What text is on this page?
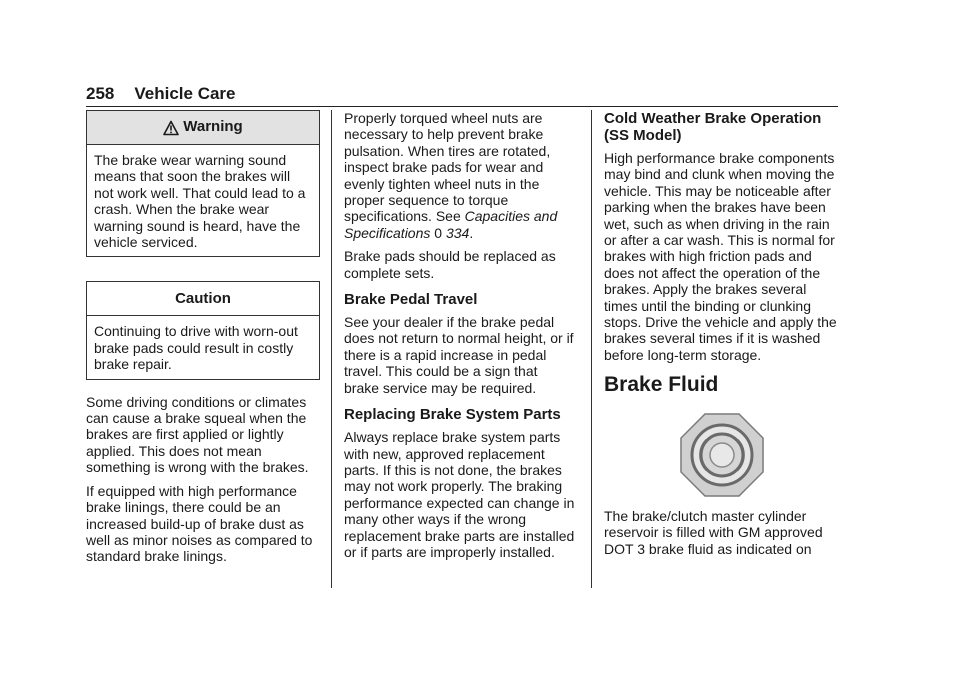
258 Vehicle Care
Warning
The brake wear warning sound means that soon the brakes will not work well. That could lead to a crash. When the brake wear warning sound is heard, have the vehicle serviced.
Caution
Continuing to drive with worn-out brake pads could result in costly brake repair.

Some driving conditions or climates can cause a brake squeal when the brakes are first applied or lightly applied. This does not mean something is wrong with the brakes.

If equipped with high performance brake linings, there could be an increased build-up of brake dust as well as minor noises as compared to standard brake linings.

Properly torqued wheel nuts are necessary to help prevent brake pulsation. When tires are rotated, inspect brake pads for wear and evenly tighten wheel nuts in the proper sequence to torque specifications. See Capacities and Specifications 0 334.

Brake pads should be replaced as complete sets.

Brake Pedal Travel

See your dealer if the brake pedal does not return to normal height, or if there is a rapid increase in pedal travel. This could be a sign that brake service may be required.

Replacing Brake System Parts

Always replace brake system parts with new, approved replacement parts. If this is not done, the brakes may not work properly. The braking performance expected can change in many other ways if the wrong replacement brake parts are installed or if parts are improperly installed.

Cold Weather Brake Operation (SS Model)

High performance brake components may bind and clunk when moving the vehicle. This may be noticeable after parking when the brakes have been wet, such as when driving in the rain or after a car wash. This is normal for brakes with high friction pads and does not affect the operation of the brakes. Apply the brakes several times until the binding or clunking stops. Drive the vehicle and apply the brakes several times if it is washed before long-term storage.

Brake Fluid

The brake/clutch master cylinder reservoir is filled with GM approved DOT 3 brake fluid as indicated on
